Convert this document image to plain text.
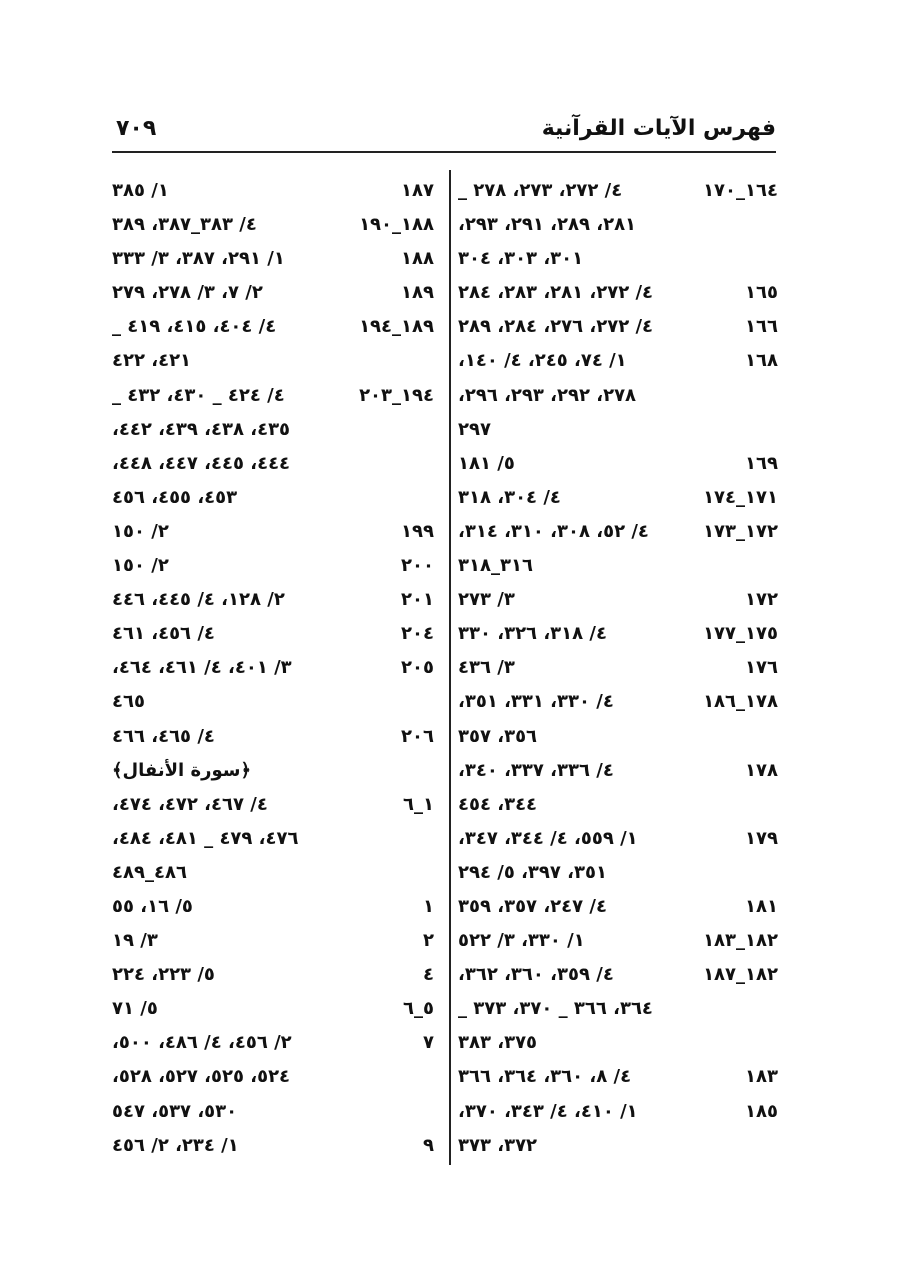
فهرس الآيات القرآنية
٧٠٩
١٦٤_١٧٠
٤/ ٢٧٢، ٢٧٣، ٢٧٨ _
٢٨١، ٢٨٩، ٢٩١، ٢٩٣،
٣٠١، ٣٠٣، ٣٠٤
١٦٥
٤/ ٢٧٢، ٢٨١، ٢٨٣، ٢٨٤
١٦٦
٤/ ٢٧٢، ٢٧٦، ٢٨٤، ٢٨٩
١٦٨
١/ ٧٤، ٢٤٥، ٤/ ١٤٠،
٢٧٨، ٢٩٢، ٢٩٣، ٢٩٦،
٢٩٧
١٦٩
٥/ ١٨١
١٧١_١٧٤
٤/ ٣٠٤، ٣١٨
١٧٢_١٧٣
٤/ ٥٢، ٣٠٨، ٣١٠، ٣١٤،
٣١٦_٣١٨
١٧٢
٣/ ٢٧٣
١٧٥_١٧٧
٤/ ٣١٨، ٣٢٦، ٣٣٠
١٧٦
٣/ ٤٣٦
١٧٨_١٨٦
٤/ ٣٣٠، ٣٣١، ٣٥١،
٣٥٦، ٣٥٧
١٧٨
٤/ ٣٣٦، ٣٣٧، ٣٤٠،
٣٤٤، ٤٥٤
١٧٩
١/ ٥٥٩، ٤/ ٣٤٤، ٣٤٧،
٣٥١، ٣٩٧، ٥/ ٢٩٤
١٨١
٤/ ٢٤٧، ٣٥٧، ٣٥٩
١٨٢_١٨٣
١/ ٣٣٠، ٣/ ٥٢٢
١٨٢_١٨٧
٤/ ٣٥٩، ٣٦٠، ٣٦٢،
٣٦٤، ٣٦٦ _ ٣٧٠، ٣٧٣ _
٣٧٥، ٣٨٣
١٨٣
٤/ ٨، ٣٦٠، ٣٦٤، ٣٦٦
١٨٥
١/ ٤١٠، ٤/ ٣٤٣، ٣٧٠،
٣٧٢، ٣٧٣
١٨٧
١/ ٣٨٥
١٨٨_١٩٠
٤/ ٣٨٣_٣٨٧، ٣٨٩
١٨٨
١/ ٢٩١، ٣٨٧، ٣/ ٣٣٣
١٨٩
٢/ ٧، ٣/ ٢٧٨، ٢٧٩
١٨٩_١٩٤
٤/ ٤٠٤، ٤١٥، ٤١٩ _
٤٢١، ٤٢٢
١٩٤_٢٠٣
٤/ ٤٢٤ _ ٤٣٠، ٤٣٢ _
٤٣٥، ٤٣٨، ٤٣٩، ٤٤٢،
٤٤٤، ٤٤٥، ٤٤٧، ٤٤٨،
٤٥٣، ٤٥٥، ٤٥٦
١٩٩
٢/ ١٥٠
٢٠٠
٢/ ١٥٠
٢٠١
٢/ ١٢٨، ٤/ ٤٤٥، ٤٤٦
٢٠٤
٤/ ٤٥٦، ٤٦١
٢٠٥
٣/ ٤٠١، ٤/ ٤٦١، ٤٦٤،
٤٦٥
٢٠٦
٤/ ٤٦٥، ٤٦٦
﴿سورة الأنفال﴾
١_٦
٤/ ٤٦٧، ٤٧٢، ٤٧٤،
٤٧٦، ٤٧٩ _ ٤٨١، ٤٨٤،
٤٨٦_٤٨٩
١
٥/ ١٦، ٥٥
٢
٣/ ١٩
٤
٥/ ٢٢٣، ٢٢٤
٥_٦
٥/ ٧١
٧
٢/ ٤٥٦، ٤/ ٤٨٦، ٥٠٠،
٥٢٤، ٥٢٥، ٥٢٧، ٥٢٨،
٥٣٠، ٥٣٧، ٥٤٧
٩
١/ ٢٣٤، ٢/ ٤٥٦
